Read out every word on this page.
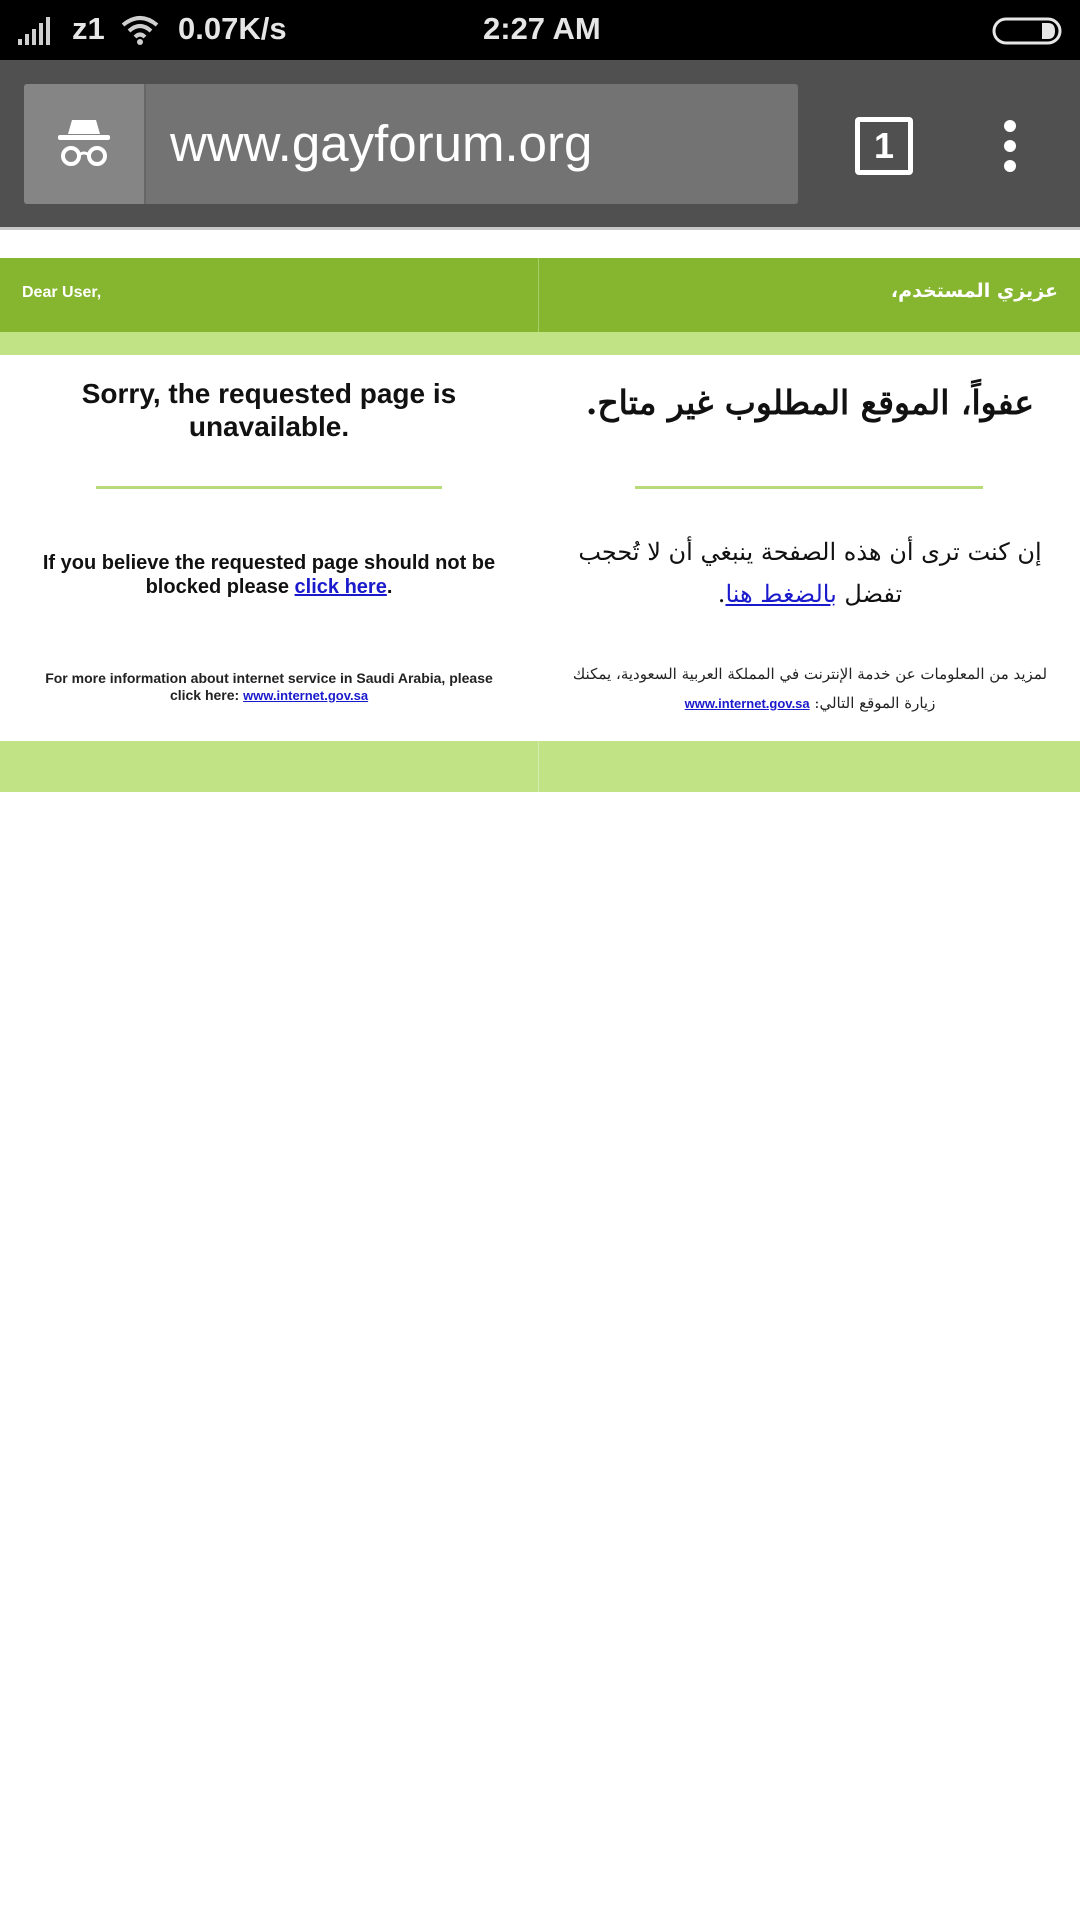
z1 0.07K/s	2:27 AM
www.gayforum.org	1
Dear User,	عزيزي المستخدم،
Sorry, the requested page is unavailable.
If you believe the requested page should not be blocked please click here.
For more information about internet service in Saudi Arabia, please click here: www.internet.gov.sa
عفواً، الموقع المطلوب غير متاح.
إن كنت ترى أن هذه الصفحة ينبغي أن لا تُحجب تفضل بالضغط هنا.
لمزيد من المعلومات عن خدمة الإنترنت في المملكة العربية السعودية، يمكنك زيارة الموقع التالي: www.internet.gov.sa
